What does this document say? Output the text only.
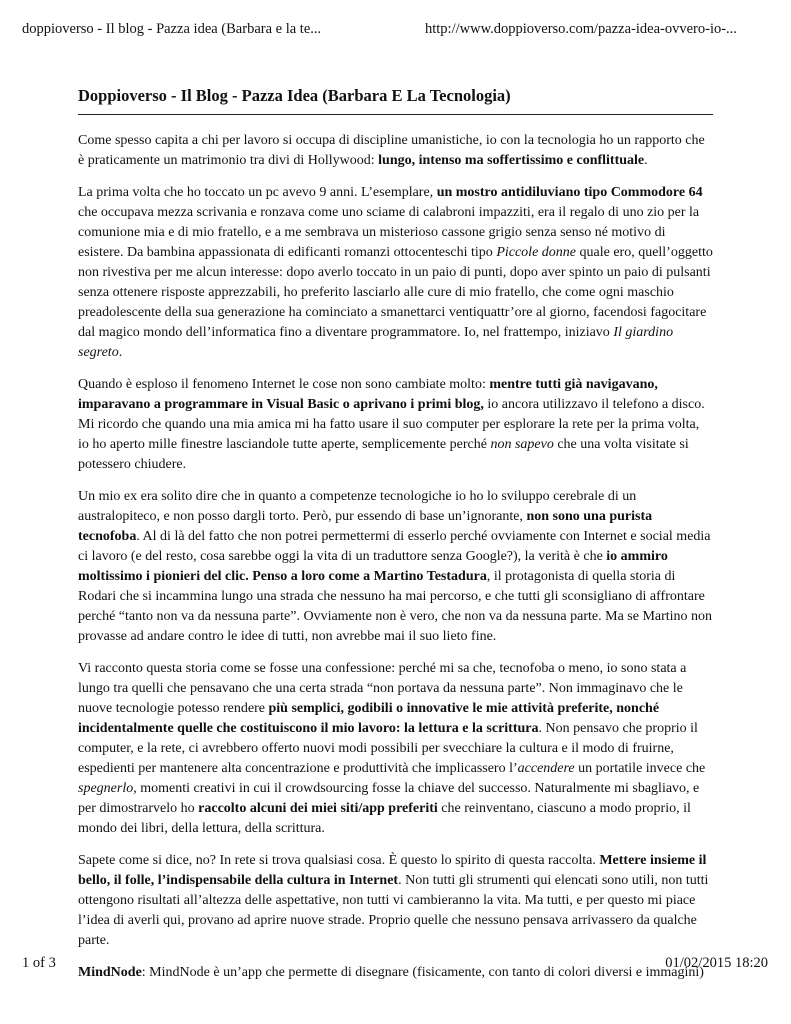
doppioverso - Il blog - Pazza idea (Barbara e la te...	http://www.doppioverso.com/pazza-idea-ovvero-io-...
Doppioverso - Il Blog - Pazza Idea (Barbara E La Tecnologia)

Come spesso capita a chi per lavoro si occupa di discipline umanistiche, io con la tecnologia ho un rapporto che è praticamente un matrimonio tra divi di Hollywood: lungo, intenso ma soffertissimo e conflittuale.

La prima volta che ho toccato un pc avevo 9 anni. L’esemplare, un mostro antidiluviano tipo Commodore 64 che occupava mezza scrivania e ronzava come uno sciame di calabroni impazziti, era il regalo di uno zio per la comunione mia e di mio fratello, e a me sembrava un misterioso cassone grigio senza senso né motivo di esistere. Da bambina appassionata di edificanti romanzi ottocenteschi tipo Piccole donne quale ero, quell’oggetto non rivestiva per me alcun interesse: dopo averlo toccato in un paio di punti, dopo aver spinto un paio di pulsanti senza ottenere risposte apprezzabili, ho preferito lasciarlo alle cure di mio fratello, che come ogni maschio preadolescente della sua generazione ha cominciato a smanettarci ventiquattr’ore al giorno, facendosi fagocitare dal magico mondo dell’informatica fino a diventare programmatore. Io, nel frattempo, iniziavo Il giardino segreto.

Quando è esploso il fenomeno Internet le cose non sono cambiate molto: mentre tutti già navigavano, imparavano a programmare in Visual Basic o aprivano i primi blog, io ancora utilizzavo il telefono a disco. Mi ricordo che quando una mia amica mi ha fatto usare il suo computer per esplorare la rete per la prima volta, io ho aperto mille finestre lasciandole tutte aperte, semplicemente perché non sapevo che una volta visitate si potessero chiudere.

Un mio ex era solito dire che in quanto a competenze tecnologiche io ho lo sviluppo cerebrale di un australopiteco, e non posso dargli torto. Però, pur essendo di base un’ignorante, non sono una purista tecnofoba. Al di là del fatto che non potrei permettermi di esserlo perché ovviamente con Internet e social media ci lavoro (e del resto, cosa sarebbe oggi la vita di un traduttore senza Google?), la verità è che io ammiro moltissimo i pionieri del clic. Penso a loro come a Martino Testadura, il protagonista di quella storia di Rodari che si incammina lungo una strada che nessuno ha mai percorso, e che tutti gli sconsigliano di affrontare perché “tanto non va da nessuna parte”. Ovviamente non è vero, che non va da nessuna parte. Ma se Martino non provasse ad andare contro le idee di tutti, non avrebbe mai il suo lieto fine.

Vi racconto questa storia come se fosse una confessione: perché mi sa che, tecnofoba o meno, io sono stata a lungo tra quelli che pensavano che una certa strada “non portava da nessuna parte”. Non immaginavo che le nuove tecnologie potesso rendere più semplici, godibili o innovative le mie attività preferite, nonché incidentalmente quelle che costituiscono il mio lavoro: la lettura e la scrittura. Non pensavo che proprio il computer, e la rete, ci avrebbero offerto nuovi modi possibili per svecchiare la cultura e il modo di fruirne, espedienti per mantenere alta concentrazione e produttività che implicassero l’accendere un portatile invece che spegnerlo, momenti creativi in cui il crowdsourcing fosse la chiave del successo. Naturalmente mi sbagliavo, e per dimostrarvelo ho raccolto alcuni dei miei siti/app preferiti che reinventano, ciascuno a modo proprio, il mondo dei libri, della lettura, della scrittura.

Sapete come si dice, no? In rete si trova qualsiasi cosa. È questo lo spirito di questa raccolta. Mettere insieme il bello, il folle, l’indispensabile della cultura in Internet. Non tutti gli strumenti qui elencati sono utili, non tutti ottengono risultati all’altezza delle aspettative, non tutti vi cambieranno la vita. Ma tutti, e per questo mi piace l’idea di averli qui, provano ad aprire nuove strade. Proprio quelle che nessuno pensava arrivassero da qualche parte.

MindNode: MindNode è un’app che permette di disegnare (fisicamente, con tanto di colori diversi e immagini)

1 of 3	01/02/2015 18:20
